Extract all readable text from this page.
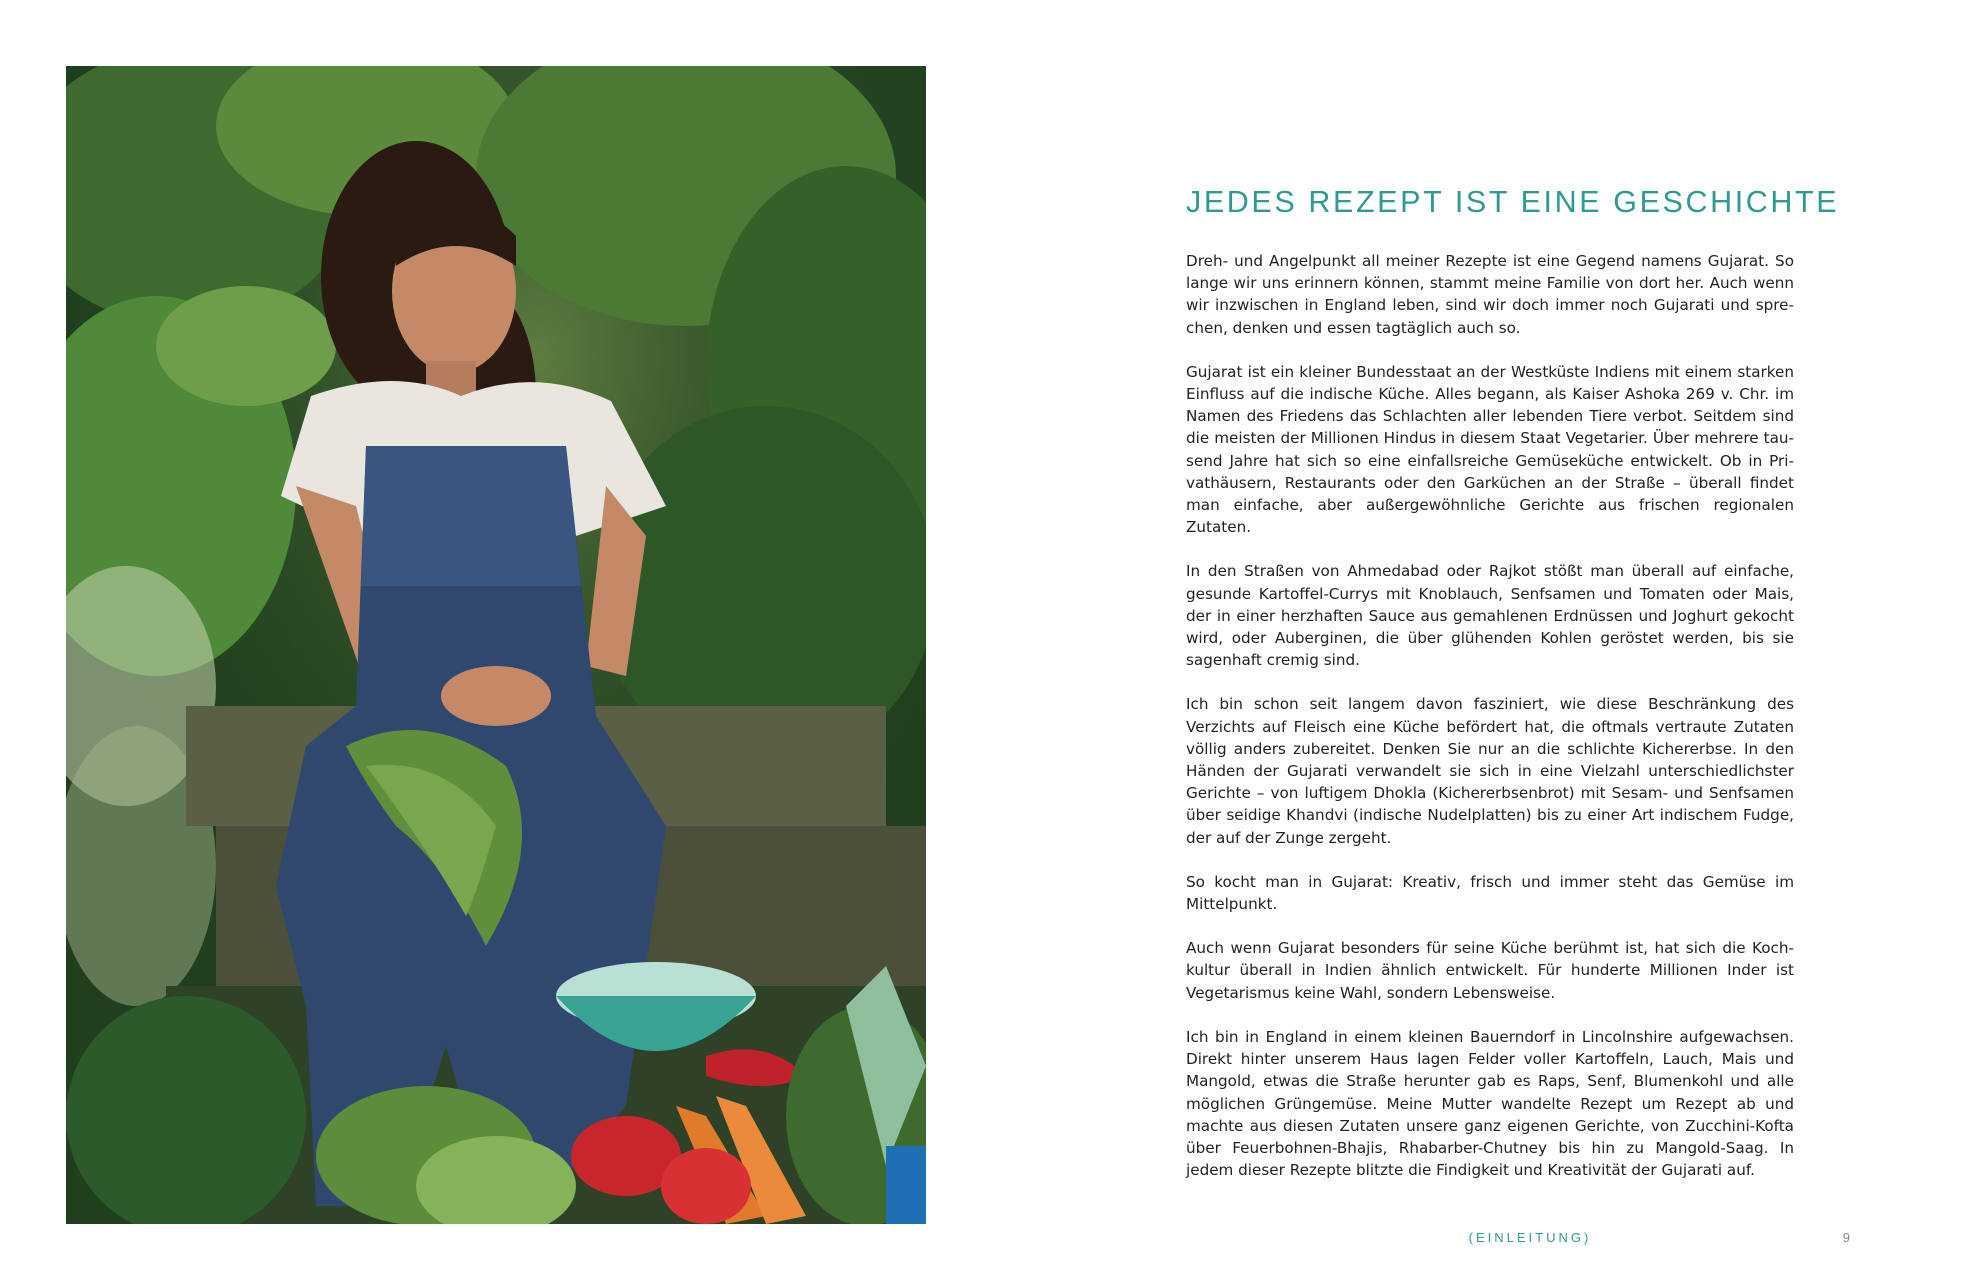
JEDES REZEPT IST EINE GESCHICHTE

Dreh- und Angelpunkt all meiner Rezepte ist eine Gegend namens Gujarat. So lange wir uns erinnern können, stammt meine Familie von dort her. Auch wenn wir inzwischen in England leben, sind wir doch immer noch Gujarati und sprechen, denken und essen tagtäglich auch so.

Gujarat ist ein kleiner Bundesstaat an der Westküste Indiens mit einem starken Einfluss auf die indische Küche. Alles begann, als Kaiser Ashoka 269 v. Chr. im Namen des Friedens das Schlachten aller lebenden Tiere verbot. Seitdem sind die meisten der Millionen Hindus in diesem Staat Vegetarier. Über mehrere tausend Jahre hat sich so eine einfallsreiche Gemüseküche entwickelt. Ob in Privathäusern, Restaurants oder den Garküchen an der Straße – überall findet man einfache, aber außergewöhnliche Gerichte aus frischen regionalen Zutaten.

In den Straßen von Ahmedabad oder Rajkot stößt man überall auf einfache, gesunde Kartoffel-Currys mit Knoblauch, Senfsamen und Tomaten oder Mais, der in einer herzhaften Sauce aus gemahlenen Erdnüssen und Joghurt gekocht wird, oder Auberginen, die über glühenden Kohlen geröstet werden, bis sie sagenhaft cremig sind.

Ich bin schon seit langem davon fasziniert, wie diese Beschränkung des Verzichts auf Fleisch eine Küche befördert hat, die oftmals vertraute Zutaten völlig anders zubereitet. Denken Sie nur an die schlichte Kichererbse. In den Händen der Gujarati verwandelt sie sich in eine Vielzahl unterschiedlichster Gerichte – von luftigem Dhokla (Kichererbsenbrot) mit Sesam- und Senfsamen über seidige Khandvi (indische Nudelplatten) bis zu einer Art indischem Fudge, der auf der Zunge zergeht.

So kocht man in Gujarat: Kreativ, frisch und immer steht das Gemüse im Mittelpunkt.

Auch wenn Gujarat besonders für seine Küche berühmt ist, hat sich die Kochkultur überall in Indien ähnlich entwickelt. Für hunderte Millionen Inder ist Vegetarismus keine Wahl, sondern Lebensweise.

Ich bin in England in einem kleinen Bauerndorf in Lincolnshire aufgewachsen. Direkt hinter unserem Haus lagen Felder voller Kartoffeln, Lauch, Mais und Mangold, etwas die Straße herunter gab es Raps, Senf, Blumenkohl und alle möglichen Grüngemüse. Meine Mutter wandelte Rezept um Rezept ab und machte aus diesen Zutaten unsere ganz eigenen Gerichte, von Zucchini-Kofta über Feuerbohnen-Bhajis, Rhabarber-Chutney bis hin zu Mangold-Saag. In jedem dieser Rezepte blitzte die Findigkeit und Kreativität der Gujarati auf.

(EINLEITUNG)	9
